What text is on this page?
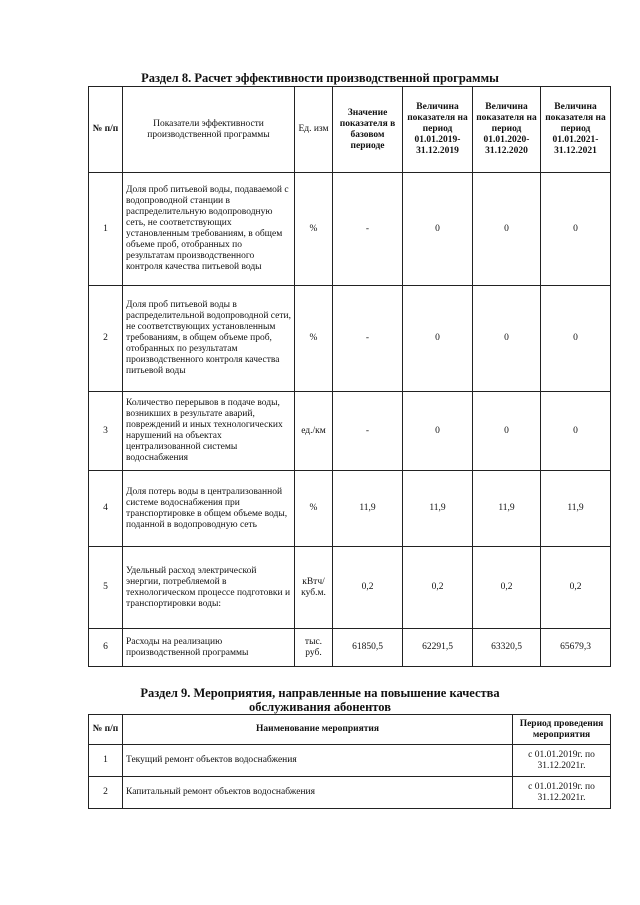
Раздел 8. Расчет эффективности производственной программы
№ п/п	Показатели эффективности производственной программы	Ед. изм	Значение показателя в базовом периоде	Величина показателя на период 01.01.2019-31.12.2019	Величина показателя на период 01.01.2020-31.12.2020	Величина показателя на период 01.01.2021-31.12.2021
1	Доля проб питьевой воды, подаваемой с водопроводной станции в распределительную водопроводную сеть, не соответствующих установленным требованиям, в общем объеме проб, отобранных по результатам производственного контроля качества питьевой воды	%	-	0	0	0
2	Доля проб питьевой воды в распределительной водопроводной сети, не соответствующих установленным требованиям, в общем объеме проб, отобранных по результатам производственного контроля качества питьевой воды	%	-	0	0	0
3	Количество перерывов в подаче воды, возникших в результате аварий, повреждений и иных технологических нарушений на объектах централизованной системы водоснабжения	ед./км	-	0	0	0
4	Доля потерь воды в централизованной системе водоснабжения при транспортировке в общем объеме воды, поданной в водопроводную сеть	%	11,9	11,9	11,9	11,9
5	Удельный расход электрической энергии, потребляемой в технологическом процессе подготовки и транспортировки воды:	кВтч/куб.м.	0,2	0,2	0,2	0,2
6	Расходы на реализацию производственной программы	тыс. руб.	61850,5	62291,5	63320,5	65679,3
Раздел 9. Мероприятия, направленные на повышение качества
обслуживания абонентов
№ п/п	Наименование мероприятия	Период проведения мероприятия
1	Текущий ремонт объектов водоснабжения	с 01.01.2019г. по 31.12.2021г.
2	Капитальный ремонт объектов водоснабжения	с 01.01.2019г. по 31.12.2021г.
